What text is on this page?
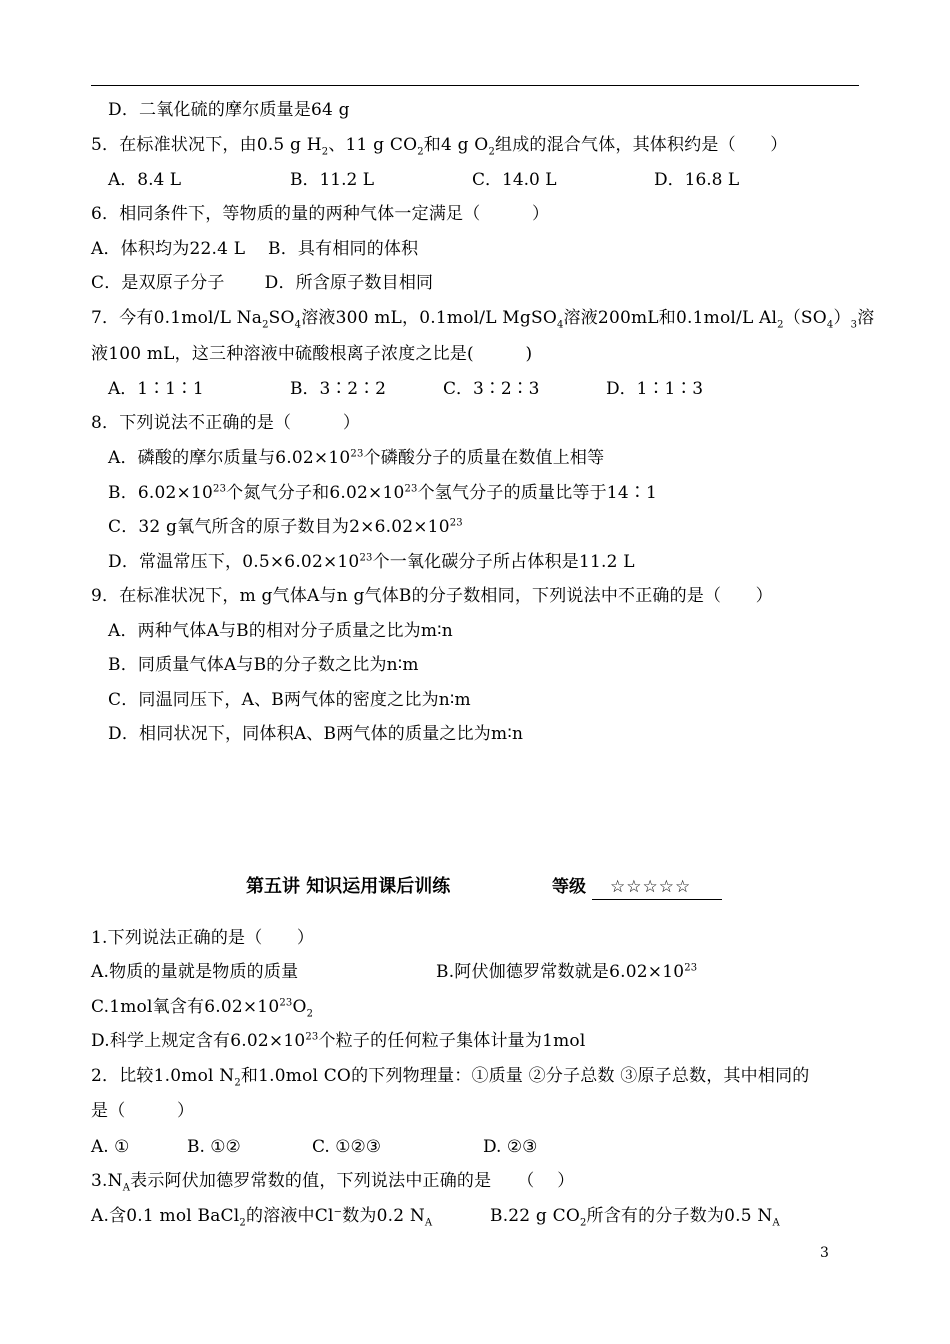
D．二氧化硫的摩尔质量是64 g
5．在标准状况下，由0.5 g $H_2$、11 g $CO_2$和4 g $O_2$组成的混合气体，其体积约是（　　）
A．8.4 L	B．11.2 L	C．14.0 L	D．16.8 L
6．相同条件下，等物质的量的两种气体一定满足（　　　）
A．体积均为22.4 L　 B．具有相同的体积
C．是双原子分子　　 D．所含原子数目相同
7．今有0.1mol/L $Na_2SO_4$溶液300 mL，0.1mol/L MgSO$_4$溶液200mL和0.1mol/L $Al_2(SO_4)_3$溶
液100 mL，这三种溶液中硫酸根离子浓度之比是(　　　)
A．1∶1∶1	B．3∶2∶2	C．3∶2∶3	D．1∶1∶3
8．下列说法不正确的是（　　　）
A．磷酸的摩尔质量与$6.02\times 10^{23}$个磷酸分子的质量在数值上相等
B．$6.02\times 10^{23}$个氮气分子和$6.02\times 10^{23}$个氢气分子的质量比等于14∶1
C．32 g氧气所含的原子数目为$2\times 6.02\times 10^{23}$
D．常温常压下，$0.5\times 6.02\times 10^{23}$个一氧化碳分子所占体积是11.2 L
9．在标准状况下，m g气体A与n g气体B的分子数相同，下列说法中不正确的是（　　）
A．两种气体A与B的相对分子质量之比为m∶n
B．同质量气体A与B的分子数之比为n∶m
C．同温同压下，A、B两气体的密度之比为n∶m
D．相同状况下，同体积A、B两气体的质量之比为m∶n
第五讲 知识运用课后训练	等级	☆☆☆☆☆
1.下列说法正确的是（　　）
A.物质的量就是物质的质量	B.阿伏伽德罗常数就是$6.02\times 10^{23}$
C.1mol氧含有$6.02\times 10^{23}O_2$
D.科学上规定含有$6.02\times 10^{23}$个粒子的任何粒子集体计量为1mol
2．比较1.0mol $N_2$和1.0mol CO的下列物理量：①质量 ②分子总数 ③原子总数，其中相同的
是（　　　）
A. ①	B. ①②	C. ①②③	D. ②③
$3.N_A$表示阿伏加德罗常数的值，下列说法中正确的是　　（　 ）
A.含0.1 mol BaCl$_2$的溶液中Cl−数为0.2 $N_A$	B.22 g $CO_2$所含有的分子数为0.5 $N_A$
3
